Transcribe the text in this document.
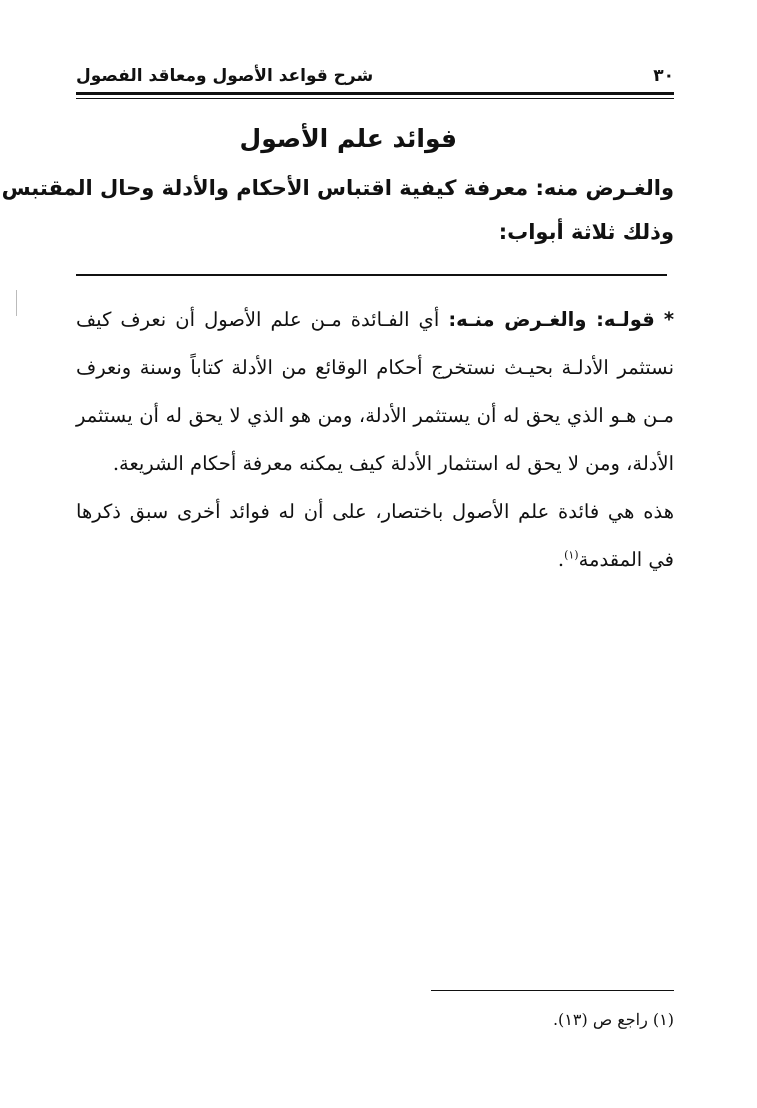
٣٠
شرح قواعد الأصول ومعاقد الفصول
فوائد علم الأصول
والغـرض منه: معرفة كيفية اقتباس الأحكام والأدلة وحال المقتبس
وذلك ثلاثة أبواب:
* قولـه: والغـرض منـه: أي الفـائدة مـن علم الأصول أن نعرف كيف
نستثمر الأدلـة بحيـث نستخرج أحكام الوقائع من الأدلة كتاباً وسنة ونعرف
مـن هـو الذي يحق له أن يستثمر الأدلة، ومن هو الذي لا يحق له أن يستثمر
الأدلة، ومن لا يحق له استثمار الأدلة كيف يمكنه معرفة أحكام الشريعة.
هذه هي فائدة علم الأصول باختصار، على أن له فوائد أخرى سبق ذكرها
في المقدمة$^{(١)}$.
(١) راجع ص (١٣).
